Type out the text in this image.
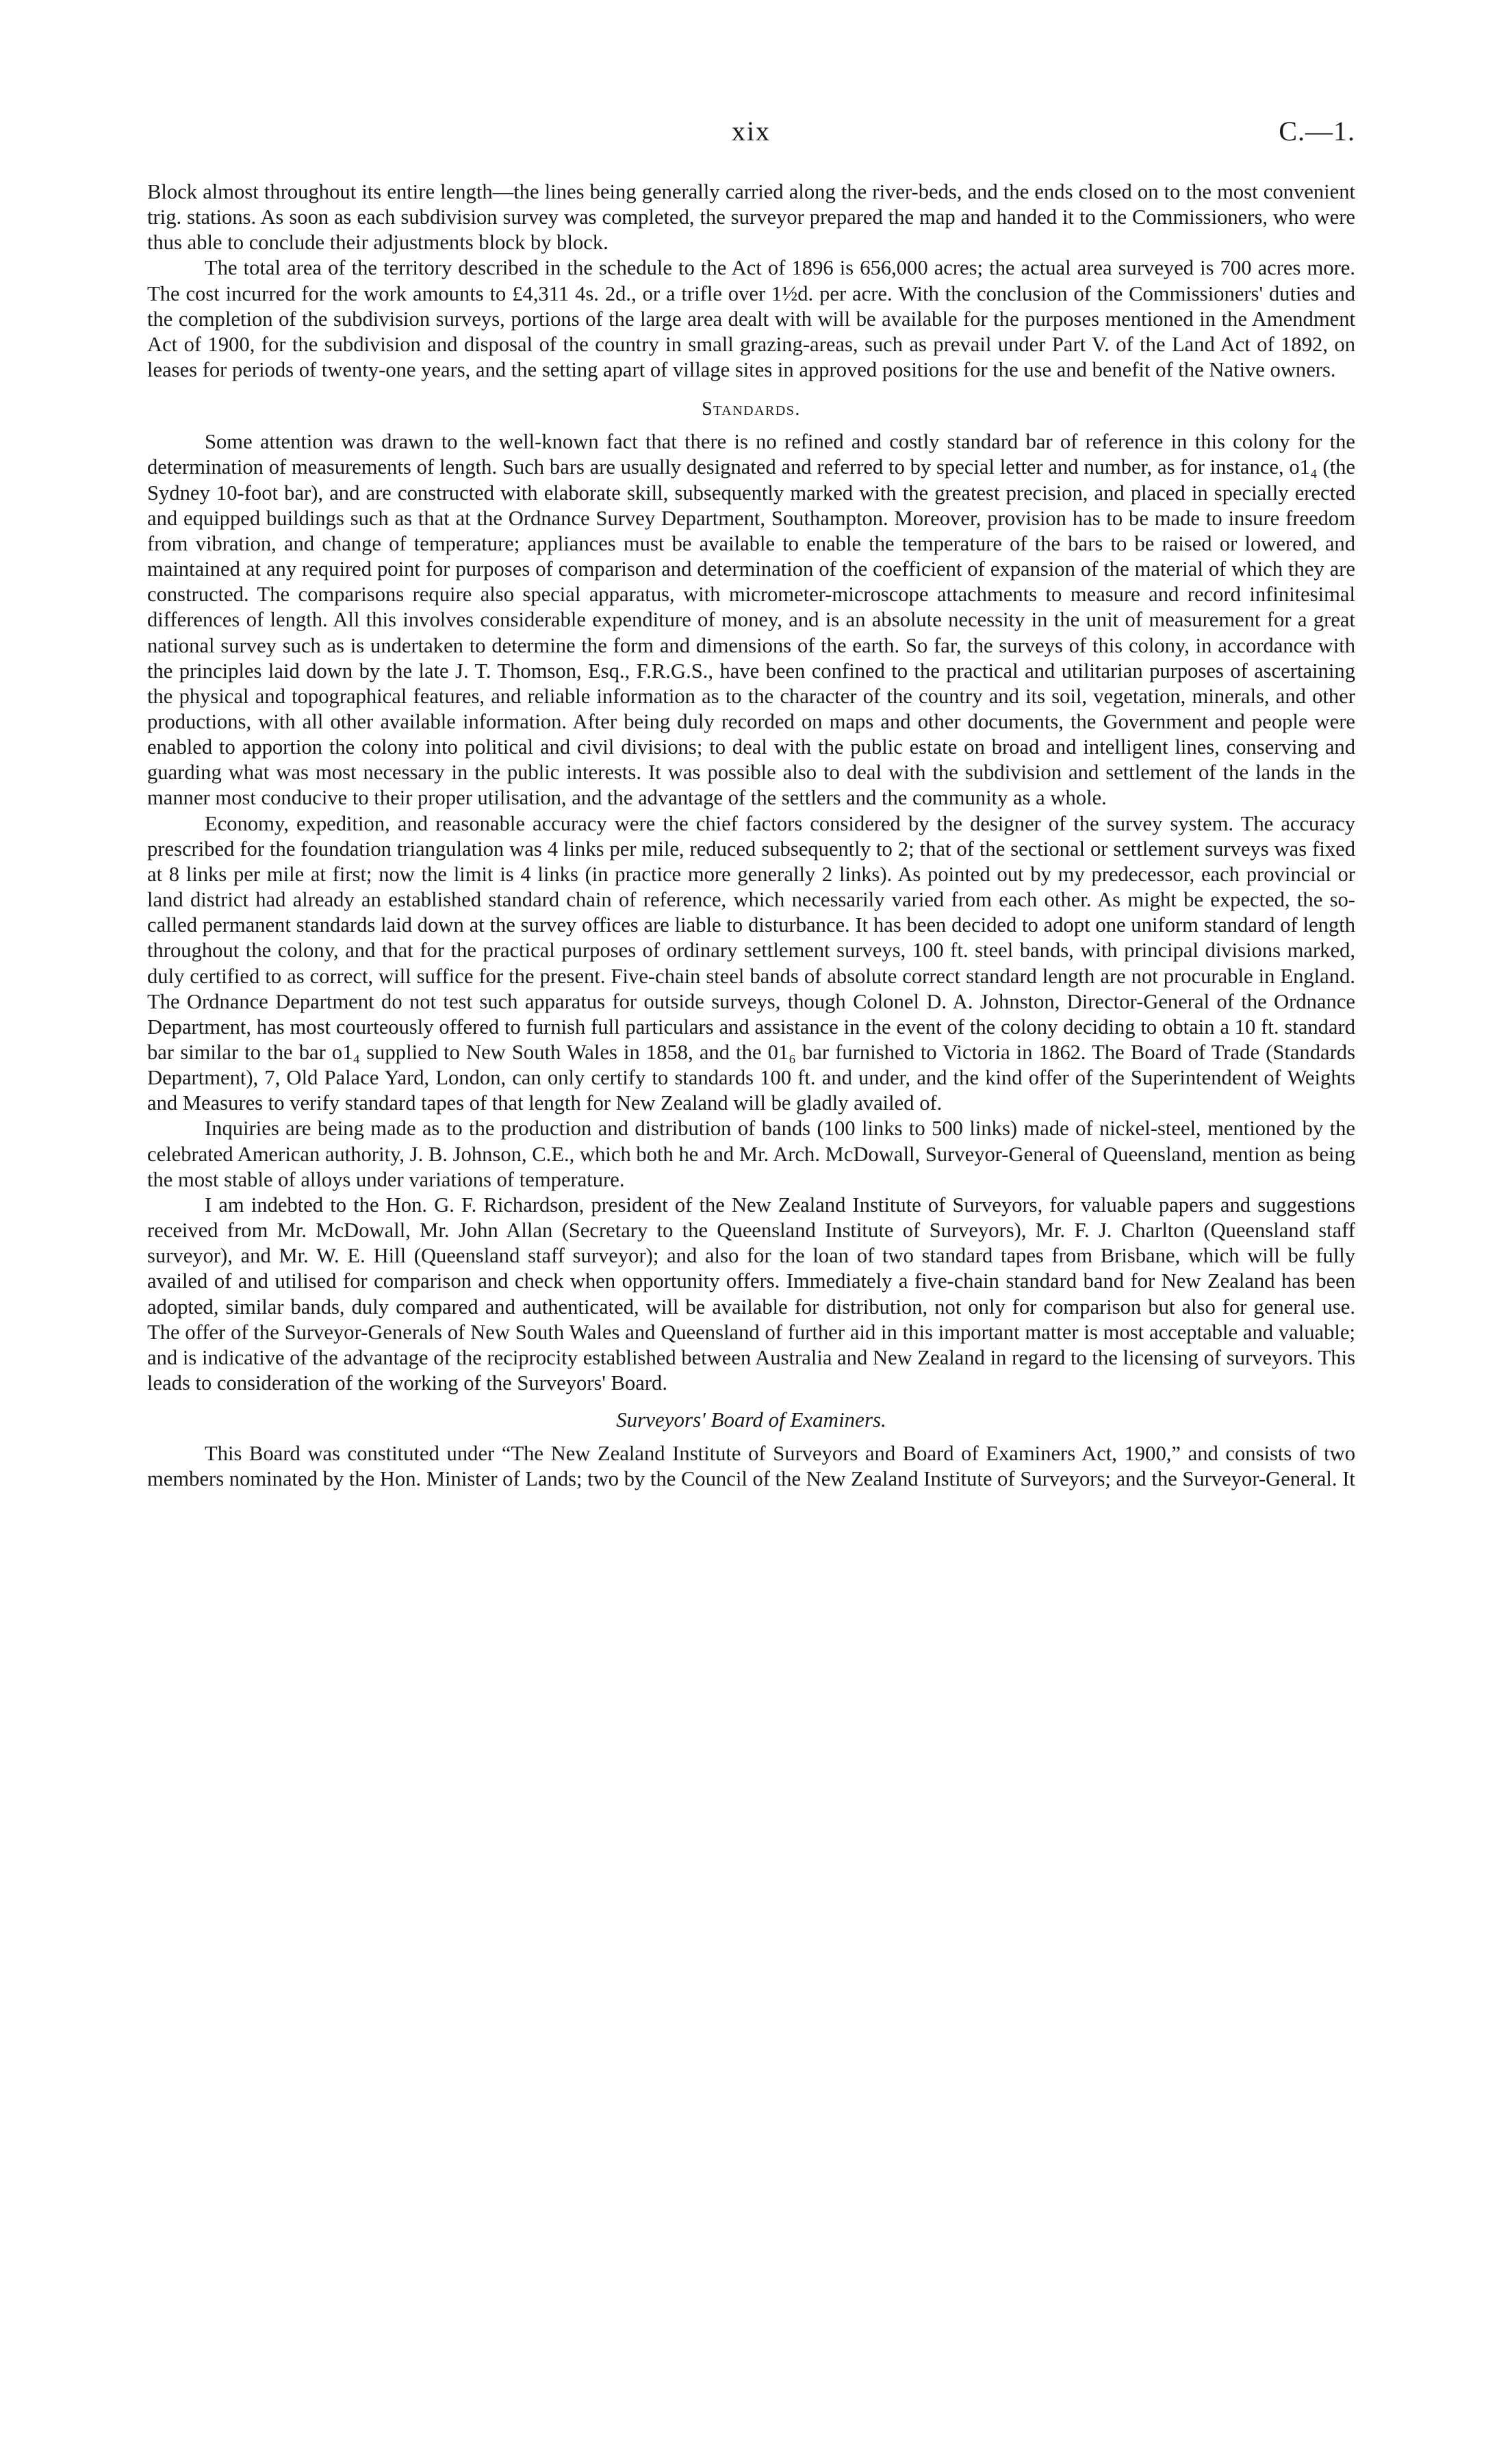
xix	C.—1.

Block almost throughout its entire length—the lines being generally carried along the river-beds, and the ends closed on to the most convenient trig. stations. As soon as each subdivision survey was completed, the surveyor prepared the map and handed it to the Commissioners, who were thus able to conclude their adjustments block by block.

The total area of the territory described in the schedule to the Act of 1896 is 656,000 acres; the actual area surveyed is 700 acres more. The cost incurred for the work amounts to £4,311 4s. 2d., or a trifle over 1½d. per acre. With the conclusion of the Commissioners' duties and the completion of the subdivision surveys, portions of the large area dealt with will be available for the purposes mentioned in the Amendment Act of 1900, for the subdivision and disposal of the country in small grazing-areas, such as prevail under Part V. of the Land Act of 1892, on leases for periods of twenty-one years, and the setting apart of village sites in approved positions for the use and benefit of the Native owners.

Standards.

Some attention was drawn to the well-known fact that there is no refined and costly standard bar of reference in this colony for the determination of measurements of length. Such bars are usually designated and referred to by special letter and number, as for instance, o1₄ (the Sydney 10-foot bar), and are constructed with elaborate skill, subsequently marked with the greatest precision, and placed in specially erected and equipped buildings such as that at the Ordnance Survey Department, Southampton. Moreover, provision has to be made to insure freedom from vibration, and change of temperature; appliances must be available to enable the temperature of the bars to be raised or lowered, and maintained at any required point for purposes of comparison and determination of the coefficient of expansion of the material of which they are constructed. The comparisons require also special apparatus, with micrometer-microscope attachments to measure and record infinitesimal differences of length. All this involves considerable expenditure of money, and is an absolute necessity in the unit of measurement for a great national survey such as is undertaken to determine the form and dimensions of the earth. So far, the surveys of this colony, in accordance with the principles laid down by the late J. T. Thomson, Esq., F.R.G.S., have been confined to the practical and utilitarian purposes of ascertaining the physical and topographical features, and reliable information as to the character of the country and its soil, vegetation, minerals, and other productions, with all other available information. After being duly recorded on maps and other documents, the Government and people were enabled to apportion the colony into political and civil divisions; to deal with the public estate on broad and intelligent lines, conserving and guarding what was most necessary in the public interests. It was possible also to deal with the subdivision and settlement of the lands in the manner most conducive to their proper utilisation, and the advantage of the settlers and the community as a whole.

Economy, expedition, and reasonable accuracy were the chief factors considered by the designer of the survey system. The accuracy prescribed for the foundation triangulation was 4 links per mile, reduced subsequently to 2; that of the sectional or settlement surveys was fixed at 8 links per mile at first; now the limit is 4 links (in practice more generally 2 links). As pointed out by my predecessor, each provincial or land district had already an established standard chain of reference, which necessarily varied from each other. As might be expected, the so-called permanent standards laid down at the survey offices are liable to disturbance. It has been decided to adopt one uniform standard of length throughout the colony, and that for the practical purposes of ordinary settlement surveys, 100 ft. steel bands, with principal divisions marked, duly certified to as correct, will suffice for the present. Five-chain steel bands of absolute correct standard length are not procurable in England. The Ordnance Department do not test such apparatus for outside surveys, though Colonel D. A. Johnston, Director-General of the Ordnance Department, has most courteously offered to furnish full particulars and assistance in the event of the colony deciding to obtain a 10 ft. standard bar similar to the bar o1₄ supplied to New South Wales in 1858, and the 01₆ bar furnished to Victoria in 1862. The Board of Trade (Standards Department), 7, Old Palace Yard, London, can only certify to standards 100 ft. and under, and the kind offer of the Superintendent of Weights and Measures to verify standard tapes of that length for New Zealand will be gladly availed of.

Inquiries are being made as to the production and distribution of bands (100 links to 500 links) made of nickel-steel, mentioned by the celebrated American authority, J. B. Johnson, C.E., which both he and Mr. Arch. McDowall, Surveyor-General of Queensland, mention as being the most stable of alloys under variations of temperature.

I am indebted to the Hon. G. F. Richardson, president of the New Zealand Institute of Surveyors, for valuable papers and suggestions received from Mr. McDowall, Mr. John Allan (Secretary to the Queensland Institute of Surveyors), Mr. F. J. Charlton (Queensland staff surveyor), and Mr. W. E. Hill (Queensland staff surveyor); and also for the loan of two standard tapes from Brisbane, which will be fully availed of and utilised for comparison and check when opportunity offers. Immediately a five-chain standard band for New Zealand has been adopted, similar bands, duly compared and authenticated, will be available for distribution, not only for comparison but also for general use. The offer of the Surveyor-Generals of New South Wales and Queensland of further aid in this important matter is most acceptable and valuable; and is indicative of the advantage of the reciprocity established between Australia and New Zealand in regard to the licensing of surveyors. This leads to consideration of the working of the Surveyors' Board.

Surveyors' Board of Examiners.

This Board was constituted under “The New Zealand Institute of Surveyors and Board of Examiners Act, 1900,” and consists of two members nominated by the Hon. Minister of Lands; two by the Council of the New Zealand Institute of Surveyors; and the Surveyor-General. It
